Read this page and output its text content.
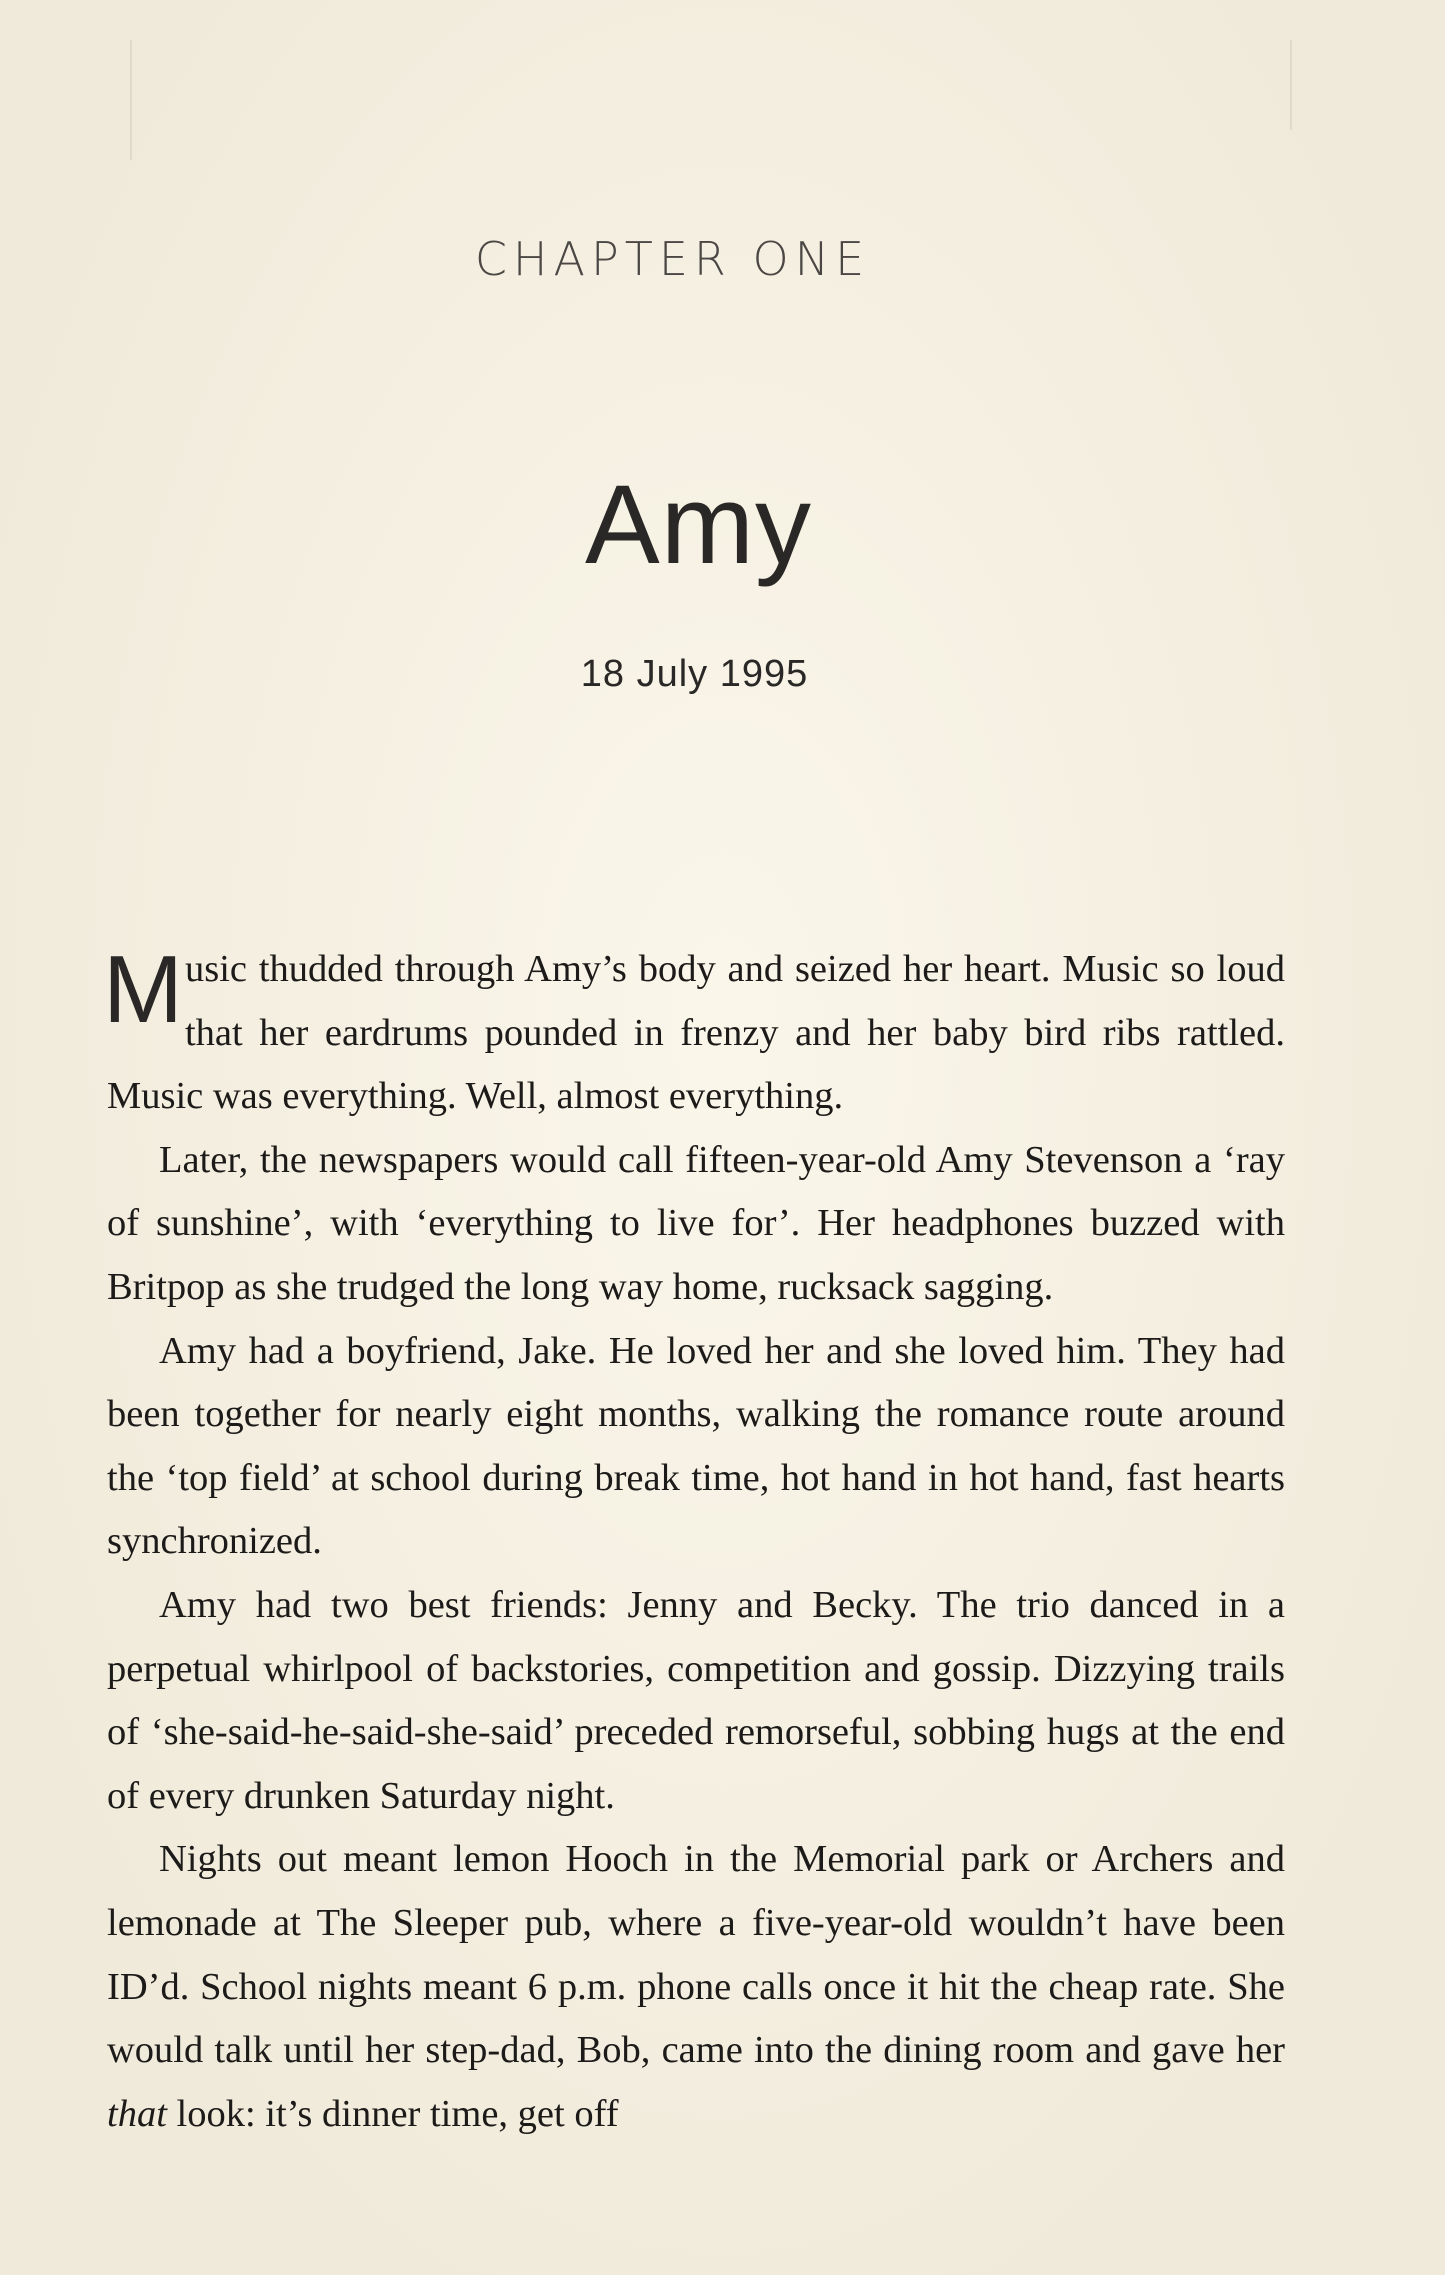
CHAPTER ONE
Amy
18 July 1995

Music thudded through Amy’s body and seized her heart. Music so loud that her eardrums pounded in frenzy and her baby bird ribs rattled. Music was everything. Well, almost everything.

Later, the newspapers would call fifteen-year-old Amy Stevenson a ‘ray of sunshine’, with ‘everything to live for’. Her headphones buzzed with Britpop as she trudged the long way home, rucksack sagging.

Amy had a boyfriend, Jake. He loved her and she loved him. They had been together for nearly eight months, walking the romance route around the ‘top field’ at school during break time, hot hand in hot hand, fast hearts synchronized.

Amy had two best friends: Jenny and Becky. The trio danced in a perpetual whirlpool of backstories, competition and gossip. Dizzying trails of ‘she-said-he-said-she-said’ preceded remorseful, sobbing hugs at the end of every drunken Saturday night.

Nights out meant lemon Hooch in the Memorial park or Archers and lemonade at The Sleeper pub, where a five-year-old wouldn’t have been ID’d. School nights meant 6 p.m. phone calls once it hit the cheap rate. She would talk until her step-dad, Bob, came into the dining room and gave her that look: it’s dinner time, get off
